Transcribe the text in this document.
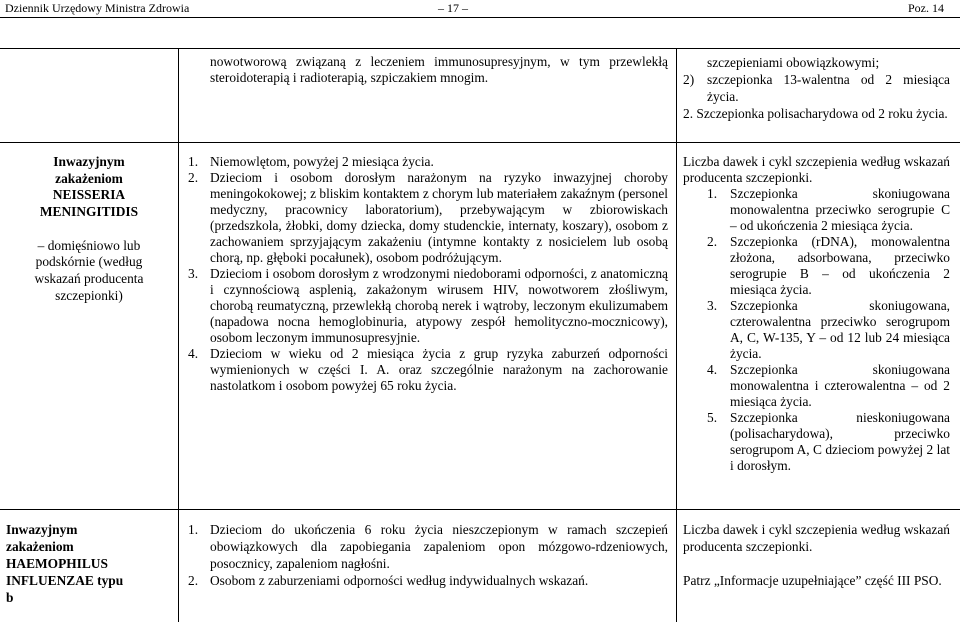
Dziennik Urzędowy Ministra Zdrowia	– 17 –	Poz. 14
nowotworową związaną z leczeniem immunosupresyjnym, w tym przewlekłą steroidoterapią i radioterapią, szpiczakiem mnogim.
szczepieniami obowiązkowymi;
2) szczepionka 13-walentna od 2 miesiąca życia.
2. Szczepionka polisacharydowa od 2 roku życia.
Inwazyjnym
zakażeniom
NEISSERIA
MENINGITIDIS
– domięśniowo lub
podskórnie (według
wskazań producenta
szczepionki)
1. Niemowlętom, powyżej 2 miesiąca życia.
2. Dzieciom i osobom dorosłym narażonym na ryzyko inwazyjnej choroby meningokokowej; z bliskim kontaktem z chorym lub materiałem zakaźnym (personel medyczny, pracownicy laboratorium), przebywającym w zbiorowiskach (przedszkola, żłobki, domy dziecka, domy studenckie, internaty, koszary), osobom z zachowaniem sprzyjającym zakażeniu (intymne kontakty z nosicielem lub osobą chorą, np. głęboki pocałunek), osobom podróżującym.
3. Dzieciom i osobom dorosłym z wrodzonymi niedoborami odporności, z anatomiczną i czynnościową asplenią, zakażonym wirusem HIV, nowotworem złośliwym, chorobą reumatyczną, przewlekłą chorobą nerek i wątroby, leczonym ekulizumabem (napadowa nocna hemoglobinuria, atypowy zespół hemolityczno-mocznicowy), osobom leczonym immunosupresyjnie.
4. Dzieciom w wieku od 2 miesiąca życia z grup ryzyka zaburzeń odporności wymienionych w części I. A. oraz szczególnie narażonym na zachorowanie nastolatkom i osobom powyżej 65 roku życia.
Liczba dawek i cykl szczepienia według wskazań producenta szczepionki.
1. Szczepionka skoniugowana monowalentna przeciwko serogrupie C – od ukończenia 2 miesiąca życia.
2. Szczepionka (rDNA), monowalentna złożona, adsorbowana, przeciwko serogrupie B – od ukończenia 2 miesiąca życia.
3. Szczepionka skoniugowana, czterowalentna przeciwko serogrupom A, C, W-135, Y – od 12 lub 24 miesiąca życia.
4. Szczepionka skoniugowana monowalentna i czterowalentna – od 2 miesiąca życia.
5. Szczepionka nieskoniugowana (polisacharydowa), przeciwko serogrupom A, C dzieciom powyżej 2 lat i dorosłym.
Inwazyjnym
zakażeniom
HAEMOPHILUS
INFLUENZAE typu
b
1. Dzieciom do ukończenia 6 roku życia nieszczepionym w ramach szczepień obowiązkowych dla zapobiegania zapaleniom opon mózgowo-rdzeniowych, posocznicy, zapaleniom nagłośni.
2. Osobom z zaburzeniami odporności według indywidualnych wskazań.
Liczba dawek i cykl szczepienia według wskazań producenta szczepionki.
Patrz „Informacje uzupełniające” część III PSO.
